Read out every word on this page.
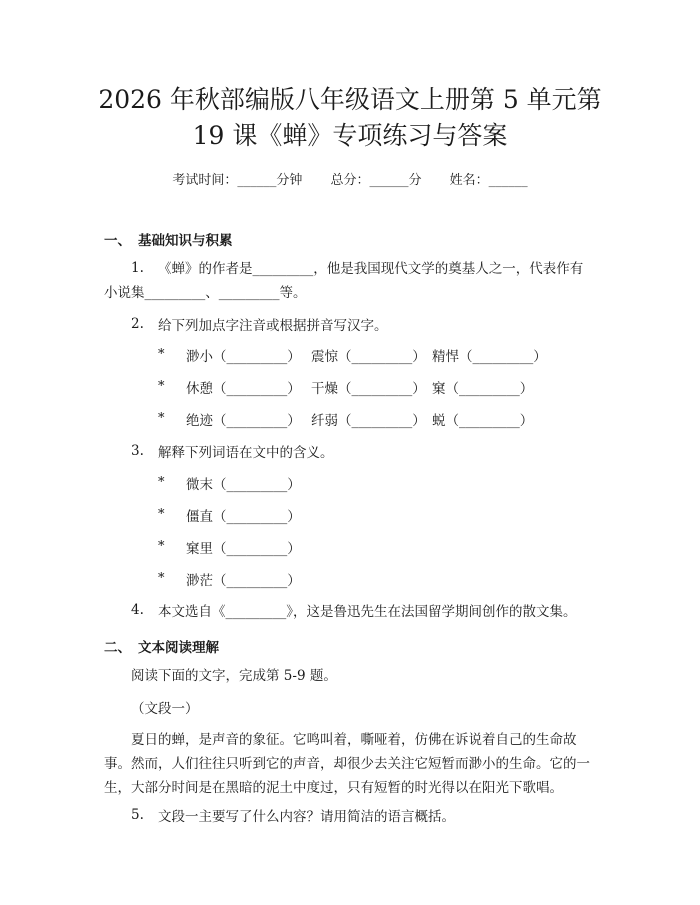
2026 年秋部编版八年级语文上册第 5 单元第
19 课《蝉》专项练习与答案
考试时间：______分钟 总分：______分 姓名：______
一、 基础知识与积累
1. 《蝉》的作者是_________，他是我国现代文学的奠基人之一，代表作有
小说集_________、_________等。
2. 给下列加点字注音或根据拼音写汉字。
* 渺小（_________） 震惊（_________） 精悍（_________）
* 休憩（_________） 干燥（_________） 窠（_________）
* 绝迹（_________） 纤弱（_________） 蜕（_________）
3. 解释下列词语在文中的含义。
* 微末（_________）
* 僵直（_________）
* 窠里（_________）
* 渺茫（_________）
4. 本文选自《_________》，这是鲁迅先生在法国留学期间创作的散文集。
二、 文本阅读理解
阅读下面的文字，完成第 5-9 题。
（文段一）
夏日的蝉，是声音的象征。它鸣叫着，嘶哑着，仿佛在诉说着自己的生命故事。然而，人们往往只听到它的声音，却很少去关注它短暂而渺小的生命。它的一生，大部分时间是在黑暗的泥土中度过，只有短暂的时光得以在阳光下歌唱。
5. 文段一主要写了什么内容？请用简洁的语言概括。
